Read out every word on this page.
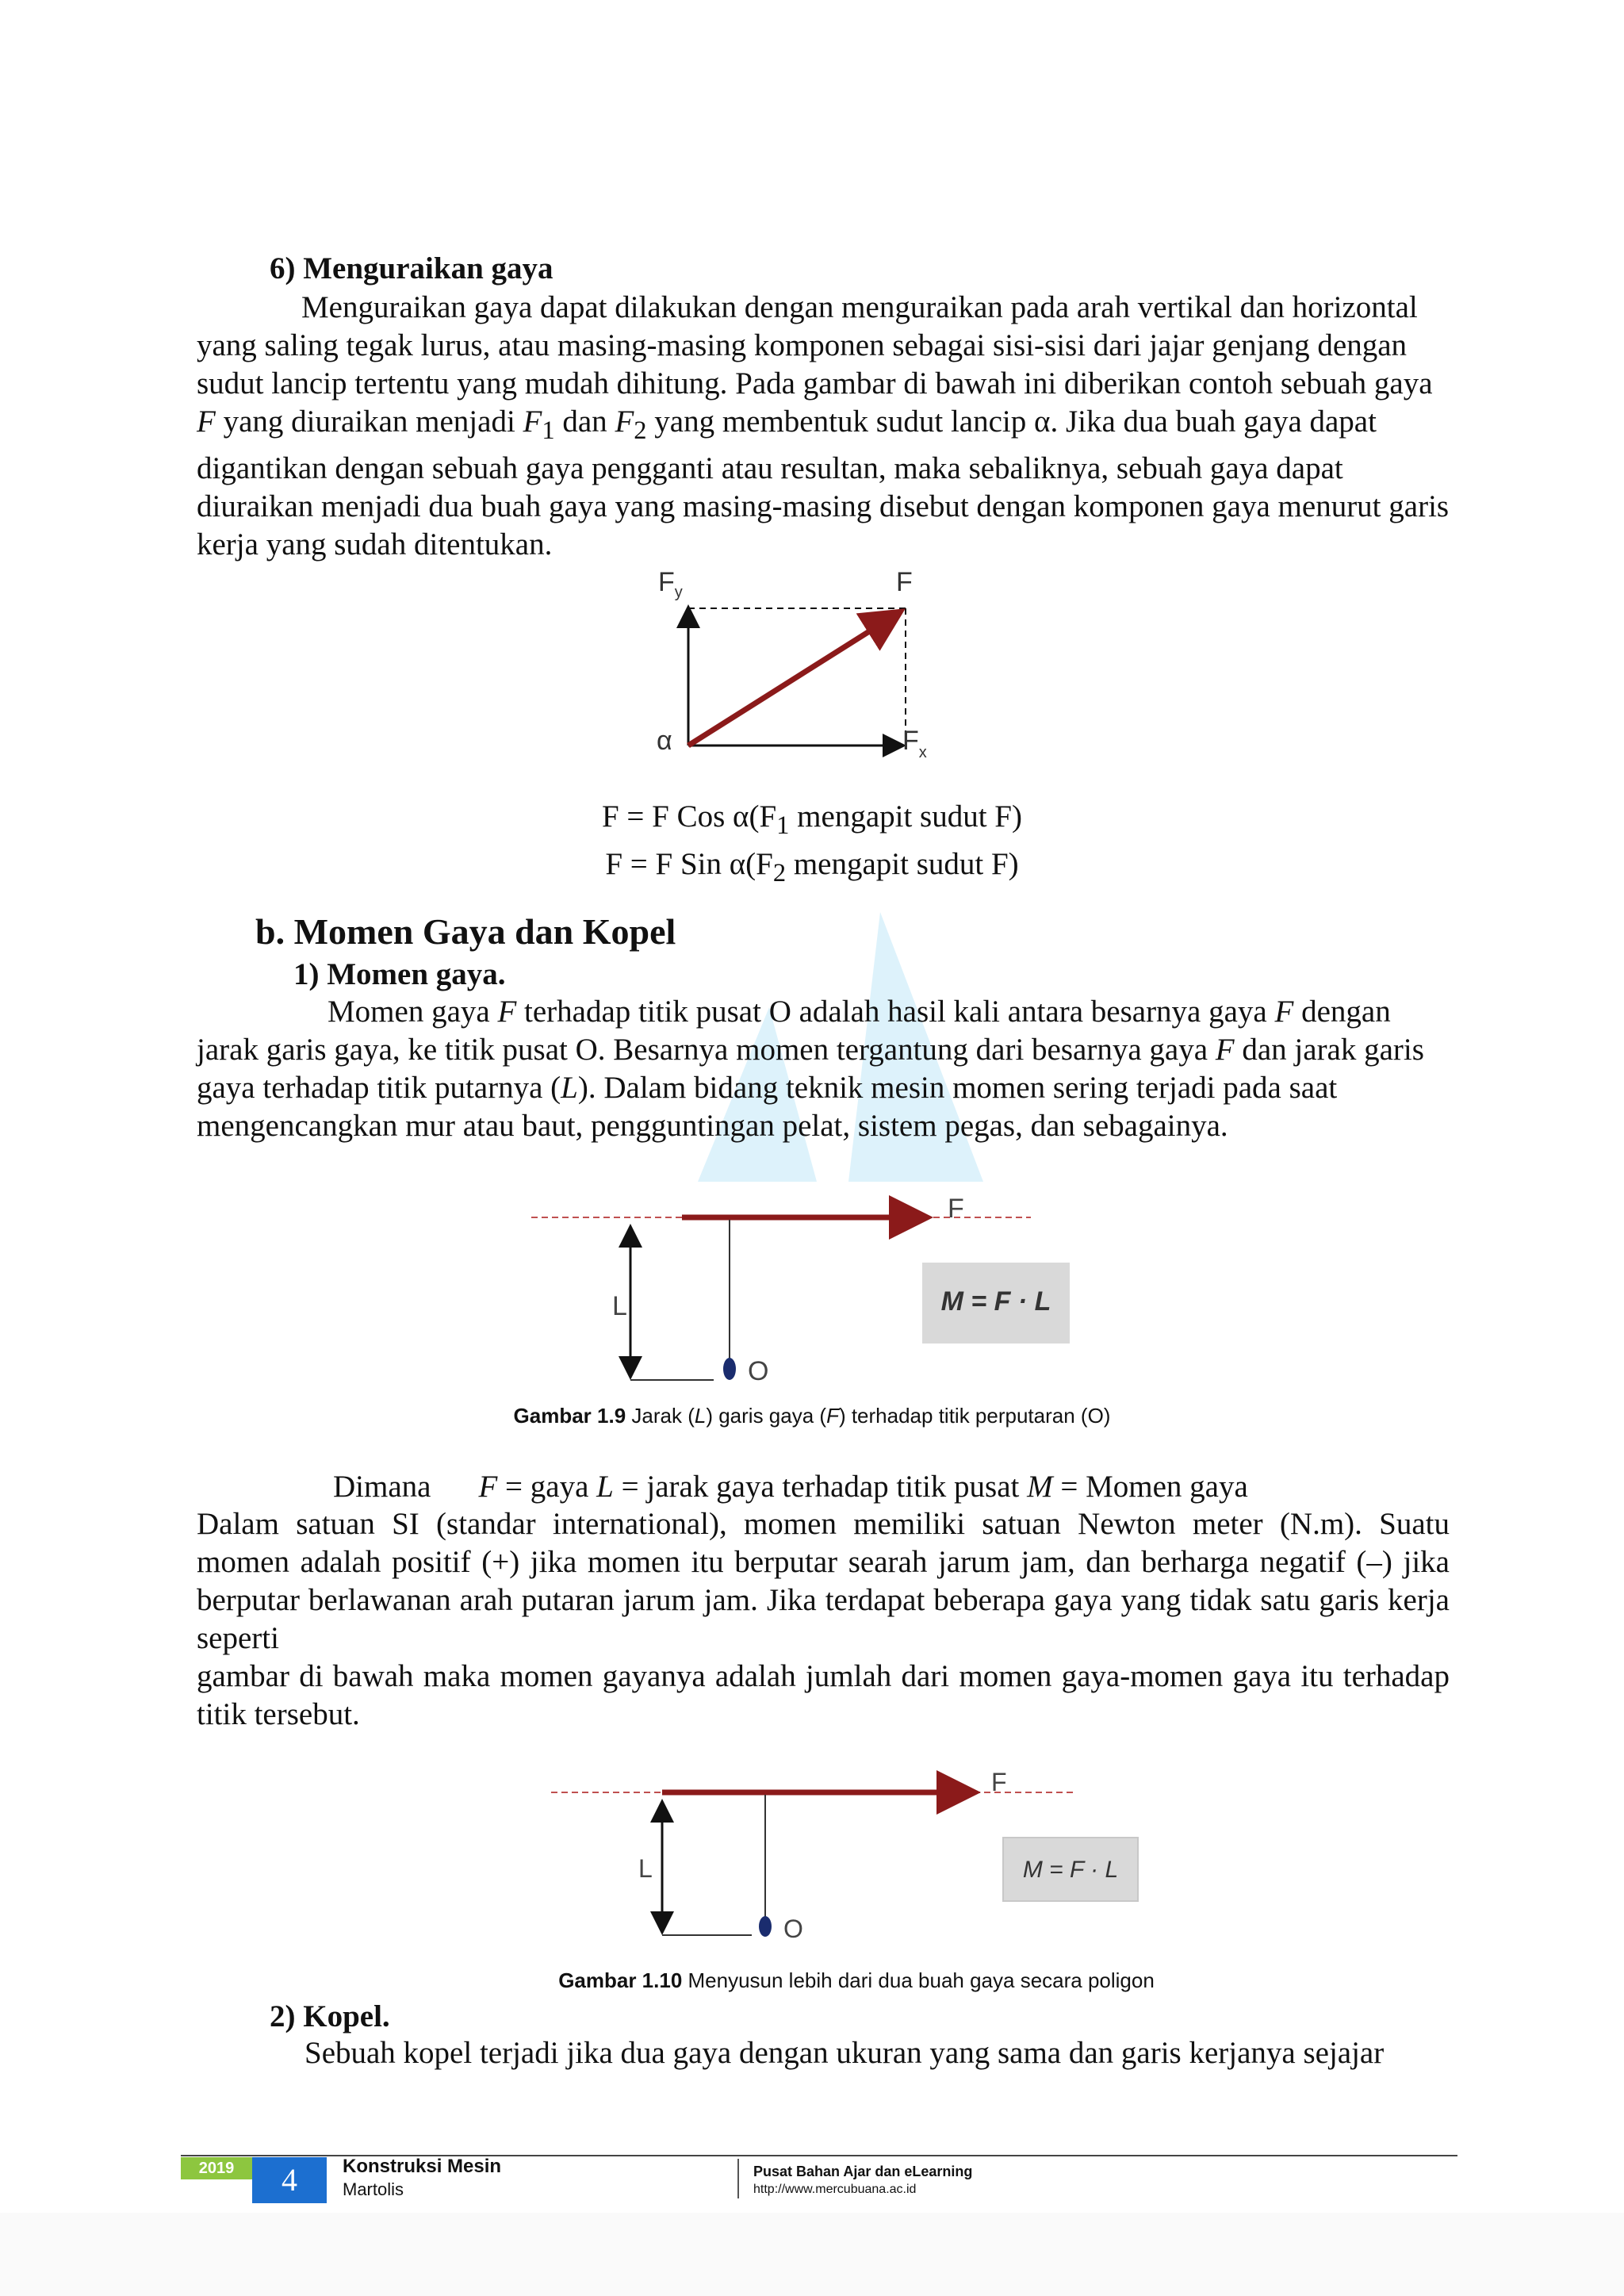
6) Menguraikan gaya

Menguraikan gaya dapat dilakukan dengan menguraikan pada arah vertikal dan horizontal yang saling tegak lurus, atau masing-masing komponen sebagai sisi-sisi dari jajar genjang dengan sudut lancip tertentu yang mudah dihitung. Pada gambar di bawah ini diberikan contoh sebuah gaya F yang diuraikan menjadi $F_1$ dan $F_2$ yang membentuk sudut lancip α. Jika dua buah gaya dapat digantikan dengan sebuah gaya pengganti atau resultan, maka sebaliknya, sebuah gaya dapat diuraikan menjadi dua buah gaya yang masing-masing disebut dengan komponen gaya menurut garis kerja yang sudah ditentukan.

$F_y$	F
α	$F_x$
F = F Cos $\alpha(F_1$ mengapit sudut F)
F = F Sin $\alpha(F_2$ mengapit sudut F)
b. Momen Gaya dan Kopel
1) Momen gaya.

Momen gaya F terhadap titik pusat O adalah hasil kali antara besarnya gaya F dengan jarak garis gaya, ke titik pusat O. Besarnya momen tergantung dari besarnya gaya F dan jarak garis gaya terhadap titik putarnya (L). Dalam bidang teknik mesin momen sering terjadi pada saat mengencangkan mur atau baut, pengguntingan pelat, sistem pegas, dan sebagainya.

F
L
O
M = F · L
Gambar 1.9 Jarak (L) garis gaya (F) terhadap titik perputaran (O)
Dimana F = gaya L = jarak gaya terhadap titik pusat M = Momen gaya

Dalam satuan SI (standar international), momen memiliki satuan Newton meter (N.m). Suatu momen adalah positif (+) jika momen itu berputar searah jarum jam, dan berharga negatif (–) jika berputar berlawanan arah putaran jarum jam. Jika terdapat beberapa gaya yang tidak satu garis kerja seperti

gambar di bawah maka momen gayanya adalah jumlah dari momen gaya-momen gaya itu terhadap titik tersebut.

F
L
O
M = F · L
Gambar 1.10 Menyusun lebih dari dua buah gaya secara poligon
2) Kopel.
Sebuah kopel terjadi jika dua gaya dengan ukuran yang sama dan garis kerjanya sejajar
2019	4	Konstruksi Mesin
Martolis
Pusat Bahan Ajar dan eLearning
http://www.mercubuana.ac.id
